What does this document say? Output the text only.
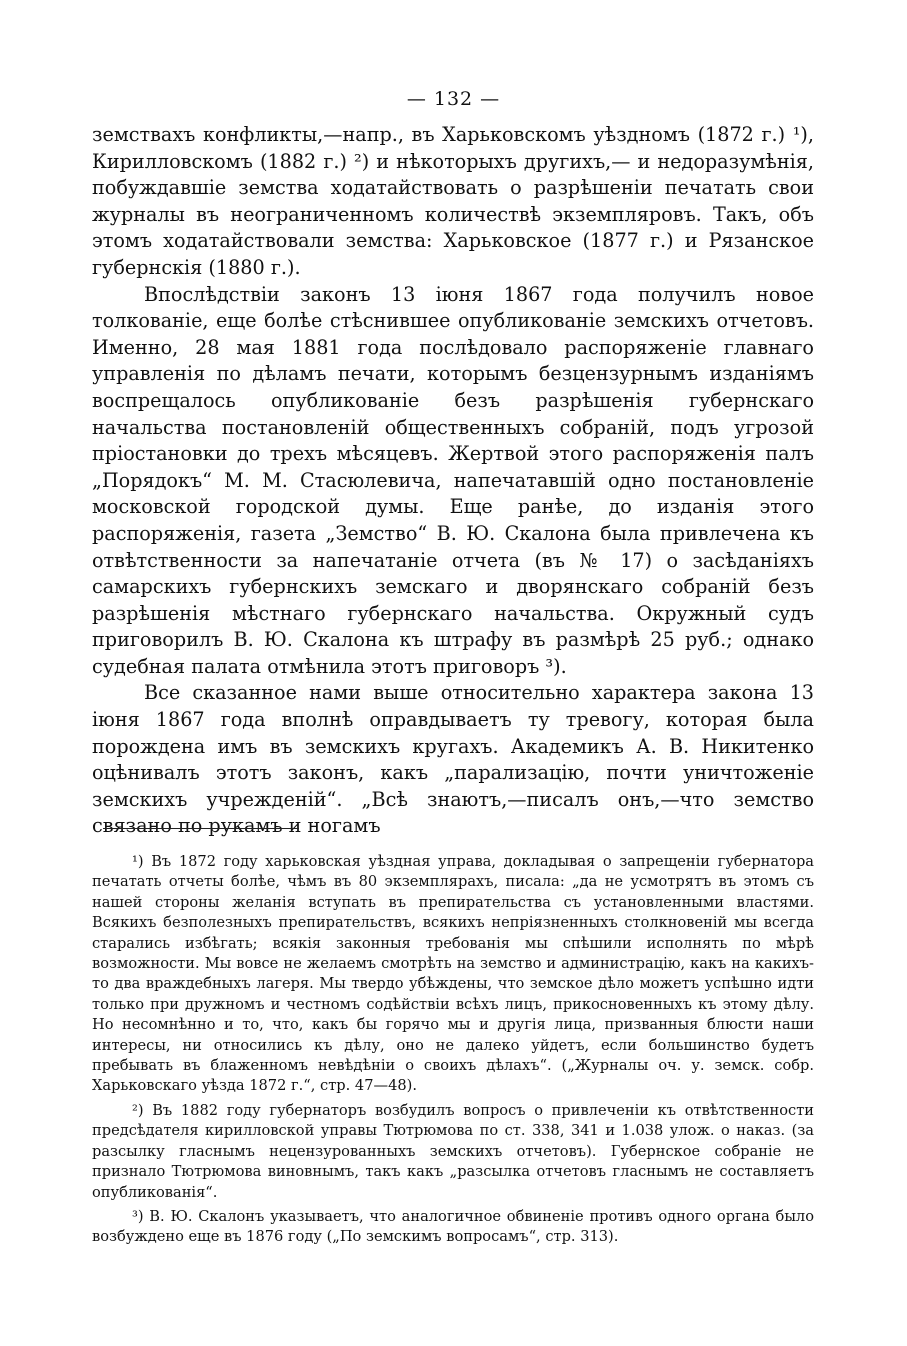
— 132 —

земствахъ конфликты,—напр., въ Харьковскомъ уѣздномъ (1872 г.) ¹), Кирилловскомъ (1882 г.) ²) и нѣкоторыхъ другихъ,— и недоразумѣнія, побуждавшіе земства ходатайствовать о разрѣшеніи печатать свои журналы въ неограниченномъ количествѣ экземпляровъ. Такъ, объ этомъ ходатайствовали земства: Харьковское (1877 г.) и Рязанское губернскія (1880 г.).

Впослѣдствіи законъ 13 іюня 1867 года получилъ новое толкованіе, еще болѣе стѣснившее опубликованіе земскихъ отчетовъ. Именно, 28 мая 1881 года послѣдовало распоряженіе главнаго управленія по дѣламъ печати, которымъ безцензурнымъ изданіямъ воспрещалось опубликованіе безъ разрѣшенія губернскаго начальства постановленій общественныхъ собраній, подъ угрозой пріостановки до трехъ мѣсяцевъ. Жертвой этого распоряженія палъ „Порядокъ“ М. М. Стасюлевича, напечатавшій одно постановленіе московской городской думы. Еще ранѣе, до изданія этого распоряженія, газета „Земство“ В. Ю. Скалона была привлечена къ отвѣтственности за напечатаніе отчета (въ № 17) о засѣданіяхъ самарскихъ губернскихъ земскаго и дворянскаго собраній безъ разрѣшенія мѣстнаго губернскаго начальства. Окружный судъ приговорилъ В. Ю. Скалона къ штрафу въ размѣрѣ 25 руб.; однако судебная палата отмѣнила этотъ приговоръ ³).

Все сказанное нами выше относительно характера закона 13 іюня 1867 года вполнѣ оправдываетъ ту тревогу, которая была порождена имъ въ земскихъ кругахъ. Академикъ А. В. Никитенко оцѣнивалъ этотъ законъ, какъ „парализацію, почти уничтоженіе земскихъ учрежденій“. „Всѣ знаютъ,—писалъ онъ,—что земство связано по рукамъ и ногамъ

¹) Въ 1872 году харьковская уѣздная управа, докладывая о запрещеніи губернатора печатать отчеты болѣе, чѣмъ въ 80 экземплярахъ, писала: „да не усмотрятъ въ этомъ съ нашей стороны желанія вступать въ препирательства съ установленными властями. Всякихъ безполезныхъ препирательствъ, всякихъ непріязненныхъ столкновеній мы всегда старались избѣгать; всякія законныя требованія мы спѣшили исполнять по мѣрѣ возможности. Мы вовсе не желаемъ смотрѣть на земство и администрацію, какъ на какихъ-то два враждебныхъ лагеря. Мы твердо убѣждены, что земское дѣло можетъ успѣшно идти только при дружномъ и честномъ содѣйствіи всѣхъ лицъ, прикосновенныхъ къ этому дѣлу. Но несомнѣнно и то, что, какъ бы горячо мы и другія лица, призванныя блюсти наши интересы, ни относились къ дѣлу, оно не далеко уйдетъ, если большинство будетъ пребывать въ блаженномъ невѣдѣніи о своихъ дѣлахъ“. („Журналы оч. у. земск. собр. Харьковскаго уѣзда 1872 г.“, стр. 47—48).

²) Въ 1882 году губернаторъ возбудилъ вопросъ о привлеченіи къ отвѣтственности предсѣдателя кирилловской управы Тютрюмова по ст. 338, 341 и 1.038 улож. о наказ. (за разсылку гласнымъ нецензурованныхъ земскихъ отчетовъ). Губернское собраніе не признало Тютрюмова виновнымъ, такъ какъ „разсылка отчетовъ гласнымъ не составляетъ опубликованія“.

³) В. Ю. Скалонъ указываетъ, что аналогичное обвиненіе противъ одного органа было возбуждено еще въ 1876 году („По земскимъ вопросамъ“, стр. 313).
